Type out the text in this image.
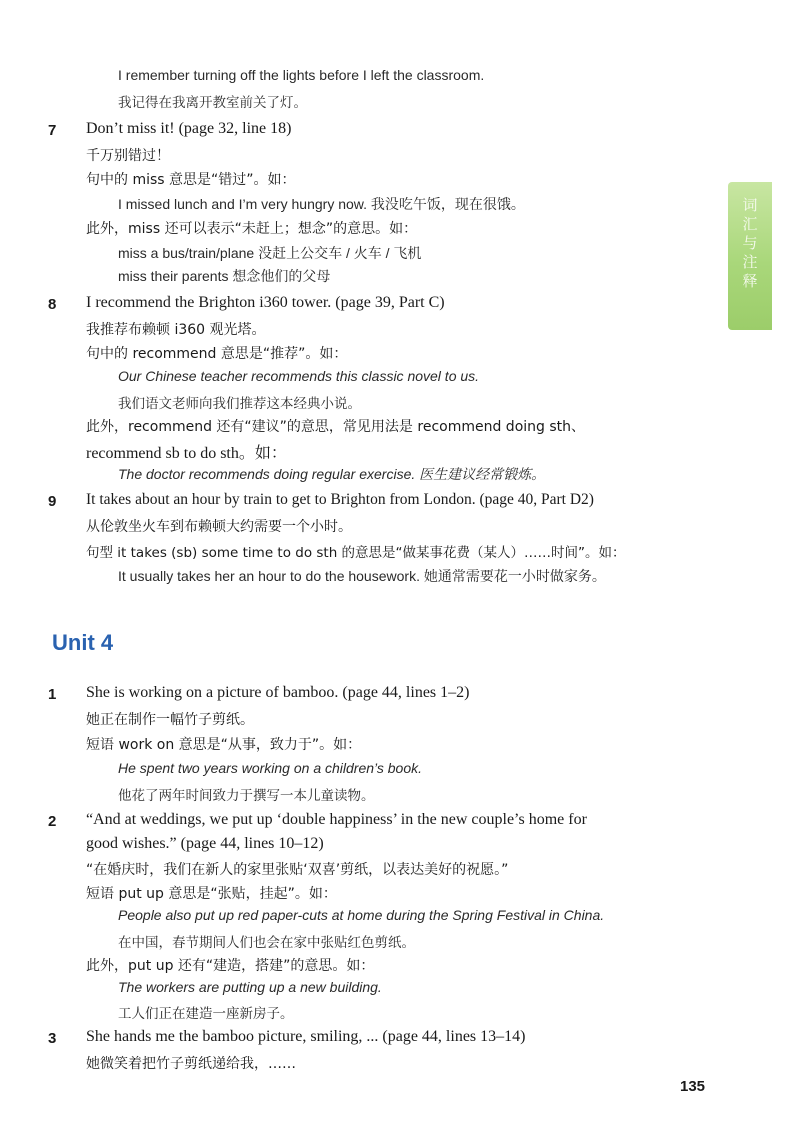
词汇与注释
I remember turning off the lights before I left the classroom.
我记得在我离开教室前关了灯。
7 Don’t miss it! (page 32, line 18)
千万别错过！
句中的 miss 意思是“错过”。如：
I missed lunch and I’m very hungry now. 我没吃午饭，现在很饿。
此外，miss 还可以表示“未赶上；想念”的意思。如：
miss a bus/train/plane 没赶上公交车 / 火车 / 飞机
miss their parents 想念他们的父母
8 I recommend the Brighton i360 tower. (page 39, Part C)
我推荐布赖顿 i360 观光塔。
句中的 recommend 意思是“推荐”。如：
Our Chinese teacher recommends this classic novel to us.
我们语文老师向我们推荐这本经典小说。
此外，recommend 还有“建议”的意思，常见用法是 recommend doing sth、
recommend sb to do sth。如：
The doctor recommends doing regular exercise. 医生建议经常锻炼。
9 It takes about an hour by train to get to Brighton from London. (page 40, Part D2)
从伦敦坐火车到布赖顿大约需要一个小时。
句型 it takes (sb) some time to do sth 的意思是“做某事花费（某人）……时间”。如：
It usually takes her an hour to do the housework. 她通常需要花一小时做家务。
Unit 4
1 She is working on a picture of bamboo. (page 44, lines 1–2)
她正在制作一幅竹子剪纸。
短语 work on 意思是“从事，致力于”。如：
He spent two years working on a children’s book.
他花了两年时间致力于撰写一本儿童读物。
2 “And at weddings, we put up ‘double happiness’ in the new couple’s home for
good wishes.” (page 44, lines 10–12)
“在婚庆时，我们在新人的家里张贴‘双喜’剪纸，以表达美好的祝愿。”
短语 put up 意思是“张贴，挂起”。如：
People also put up red paper-cuts at home during the Spring Festival in China.
在中国，春节期间人们也会在家中张贴红色剪纸。
此外，put up 还有“建造，搭建”的意思。如：
The workers are putting up a new building.
工人们正在建造一座新房子。
3 She hands me the bamboo picture, smiling, ... (page 44, lines 13–14)
她微笑着把竹子剪纸递给我，……
135
